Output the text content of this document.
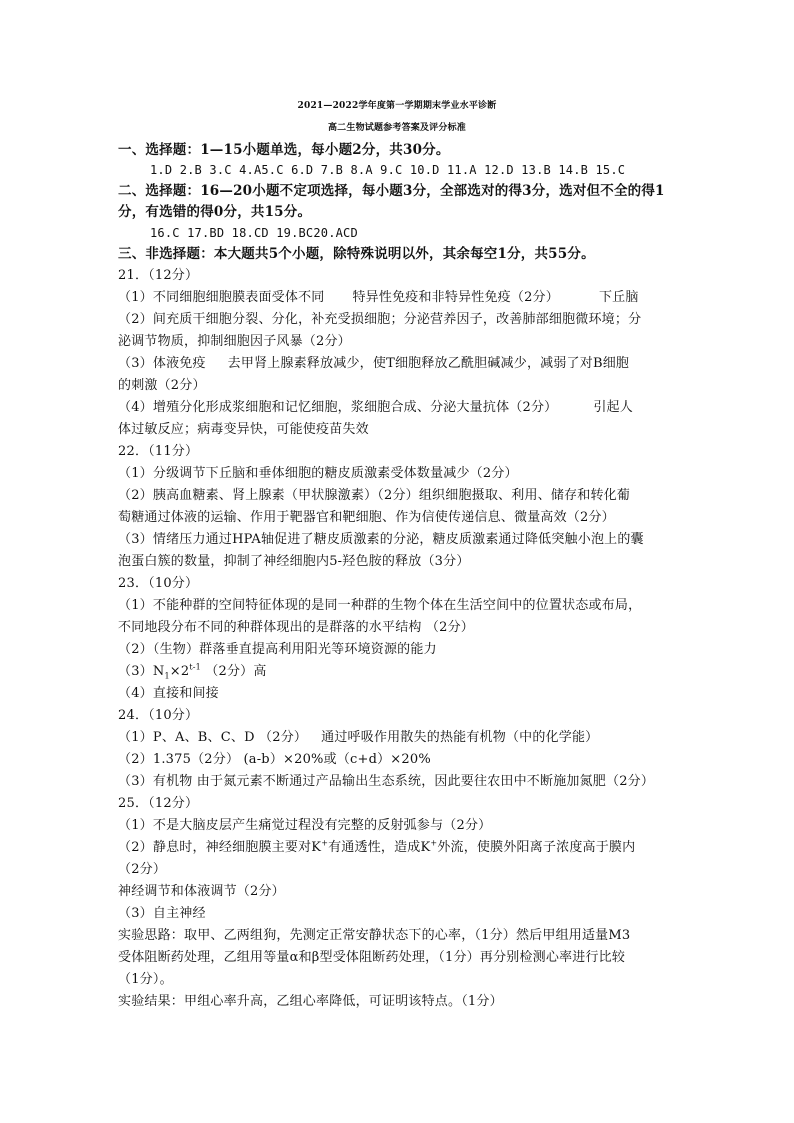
2021—2022学年度第一学期期末学业水平诊断
高二生物试题参考答案及评分标准
一、选择题：1—15小题单选，每小题2分，共30分。
1.D 2.B 3.C 4.A5.C 6.D 7.B 8.A 9.C 10.D 11.A 12.D 13.B 14.B 15.C
二、选择题：16—20小题不定项选择，每小题3分，全部选对的得3分，选对但不全的得1
分，有选错的得0分，共15分。
16.C 17.BD 18.CD 19.BC20.ACD
三、非选择题：本大题共5个小题，除特殊说明以外，其余每空1分，共55分。
21．（12分）
（1）不同细胞细胞膜表面受体不同 特异性免疫和非特异性免疫（2分）	下丘脑
（2）间充质干细胞分裂、分化，补充受损细胞；分泌营养因子，改善肺部细胞微环境；分
泌调节物质，抑制细胞因子风暴（2分）
（3）体液免疫 去甲肾上腺素释放减少，使T细胞释放乙酰胆碱减少，减弱了对B细胞
的刺激（2分）
（4）增殖分化形成浆细胞和记忆细胞，浆细胞合成、分泌大量抗体（2分）	引起人
体过敏反应；病毒变异快，可能使疫苗失效
22．（11分）
（1）分级调节下丘脑和垂体细胞的糖皮质激素受体数量减少（2分）
（2）胰高血糖素、肾上腺素（甲状腺激素）（2分）组织细胞摄取、利用、储存和转化葡
萄糖通过体液的运输、作用于靶器官和靶细胞、作为信使传递信息、微量高效（2分）
（3）情绪压力通过HPA轴促进了糖皮质激素的分泌，糖皮质激素通过降低突触小泡上的囊
泡蛋白簇的数量，抑制了神经细胞内5-羟色胺的释放（3分）
23．（10分）
（1）不能种群的空间特征体现的是同一种群的生物个体在生活空间中的位置状态或布局，
不同地段分布不同的种群体现出的是群落的水平结构 （2分）
（2）（生物）群落垂直提高利用阳光等环境资源的能力
$(3)N_1\times 2^{t-1}$ （2分）高
（4）直接和间接
24．（10分）
（1）P、A、B、C、D （2分） 通过呼吸作用散失的热能有机物（中的化学能）
（2）1.375（2分） (a-b）×20%或（c+d）×20%
（3）有机物 由于氮元素不断通过产品输出生态系统，因此要往农田中不断施加氮肥（2分）
25．（12分）
（1）不是大脑皮层产生痛觉过程没有完整的反射弧参与（2分）
（2）静息时，神经细胞膜主要对K+有通透性，造成K+外流，使膜外阳离子浓度高于膜内
（2分）
神经调节和体液调节（2分）
（3）自主神经
实验思路：取甲、乙两组狗，先测定正常安静状态下的心率，（1分）然后甲组用适量M3
受体阻断药处理，乙组用等量α和β型受体阻断药处理，（1分）再分别检测心率进行比较
（1分）。
实验结果：甲组心率升高，乙组心率降低，可证明该特点。（1分）
